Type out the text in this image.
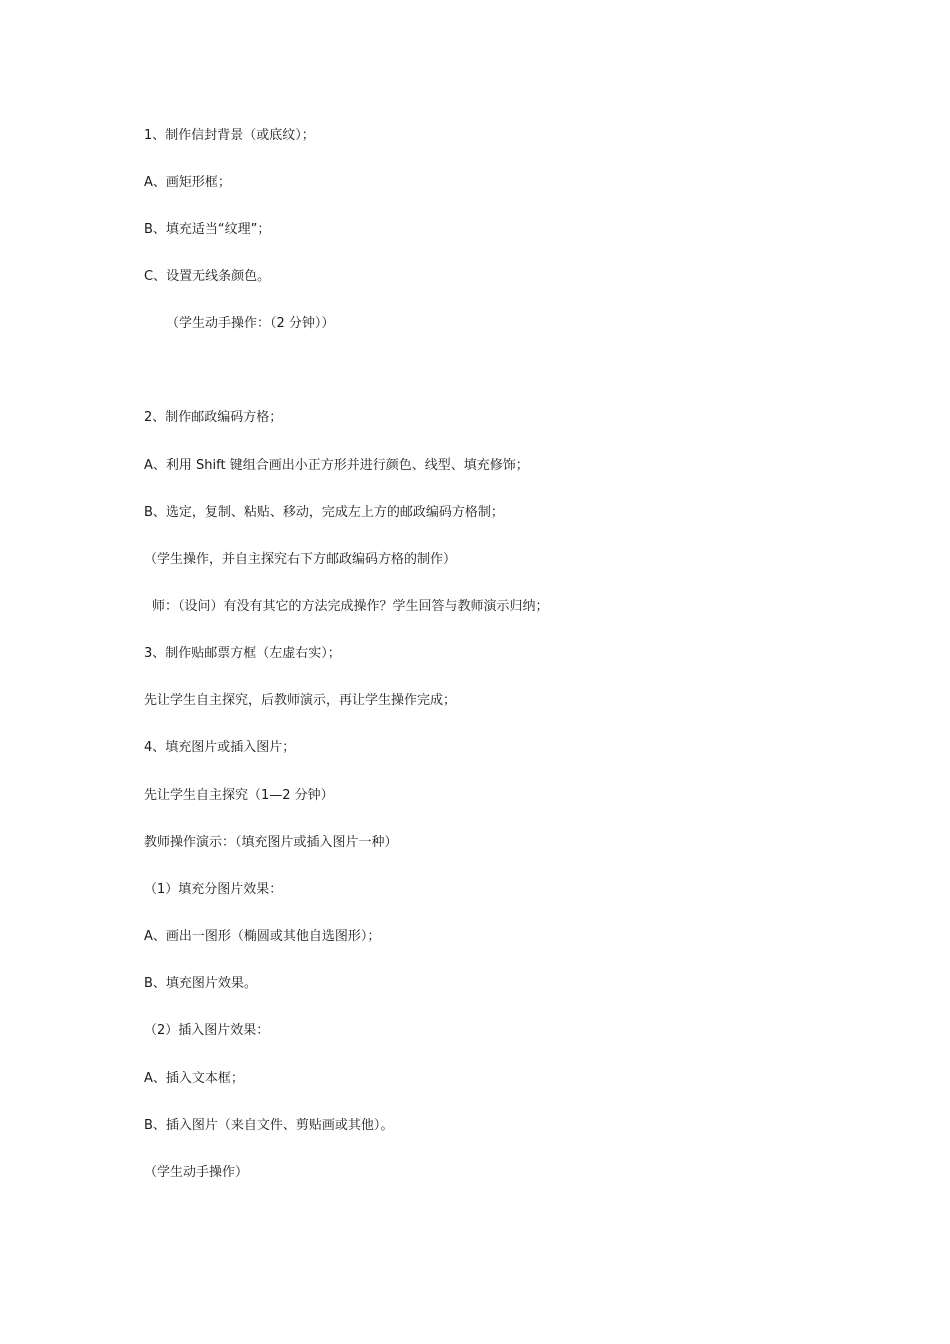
1、制作信封背景（或底纹）；
A、画矩形框；
B、填充适当“纹理”；
C、设置无线条颜色。
（学生动手操作：（2 分钟））
2、制作邮政编码方格；
A、利用 Shift 键组合画出小正方形并进行颜色、线型、填充修饰；
B、选定，复制、粘贴、移动，完成左上方的邮政编码方格制；
（学生操作，并自主探究右下方邮政编码方格的制作）
师：（设问）有没有其它的方法完成操作？学生回答与教师演示归纳；
3、制作贴邮票方框（左虚右实）；
先让学生自主探究，后教师演示，再让学生操作完成；
4、填充图片或插入图片；
先让学生自主探究（1—2 分钟）
教师操作演示：（填充图片或插入图片一种）
（1）填充分图片效果：
A、画出一图形（椭圆或其他自选图形）；
B、填充图片效果。
（2）插入图片效果：
A、插入文本框；
B、插入图片（来自文件、剪贴画或其他）。
（学生动手操作）
